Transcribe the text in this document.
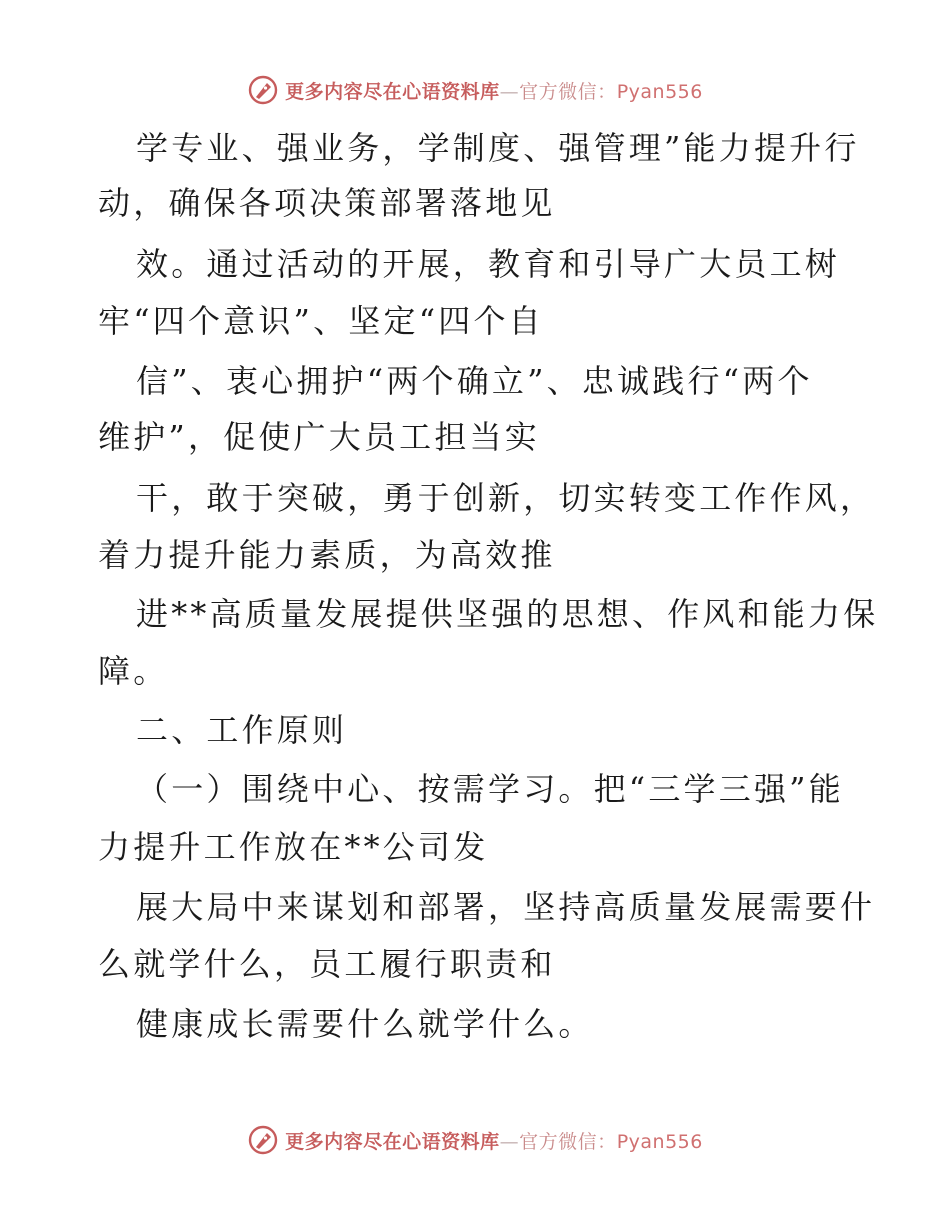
更多内容尽在心语资料库—官方微信：Pyan556
学专业、强业务，学制度、强管理”能力提升行
动，确保各项决策部署落地见
效。通过活动的开展，教育和引导广大员工树
牢“四个意识”、坚定“四个自
信”、衷心拥护“两个确立”、忠诚践行“两个
维护”，促使广大员工担当实
干，敢于突破，勇于创新，切实转变工作作风，
着力提升能力素质，为高效推
进**高质量发展提供坚强的思想、作风和能力保
障。
二、工作原则
（一）围绕中心、按需学习。把“三学三强”能
力提升工作放在**公司发
展大局中来谋划和部署，坚持高质量发展需要什
么就学什么，员工履行职责和
健康成长需要什么就学什么。
更多内容尽在心语资料库—官方微信：Pyan556
